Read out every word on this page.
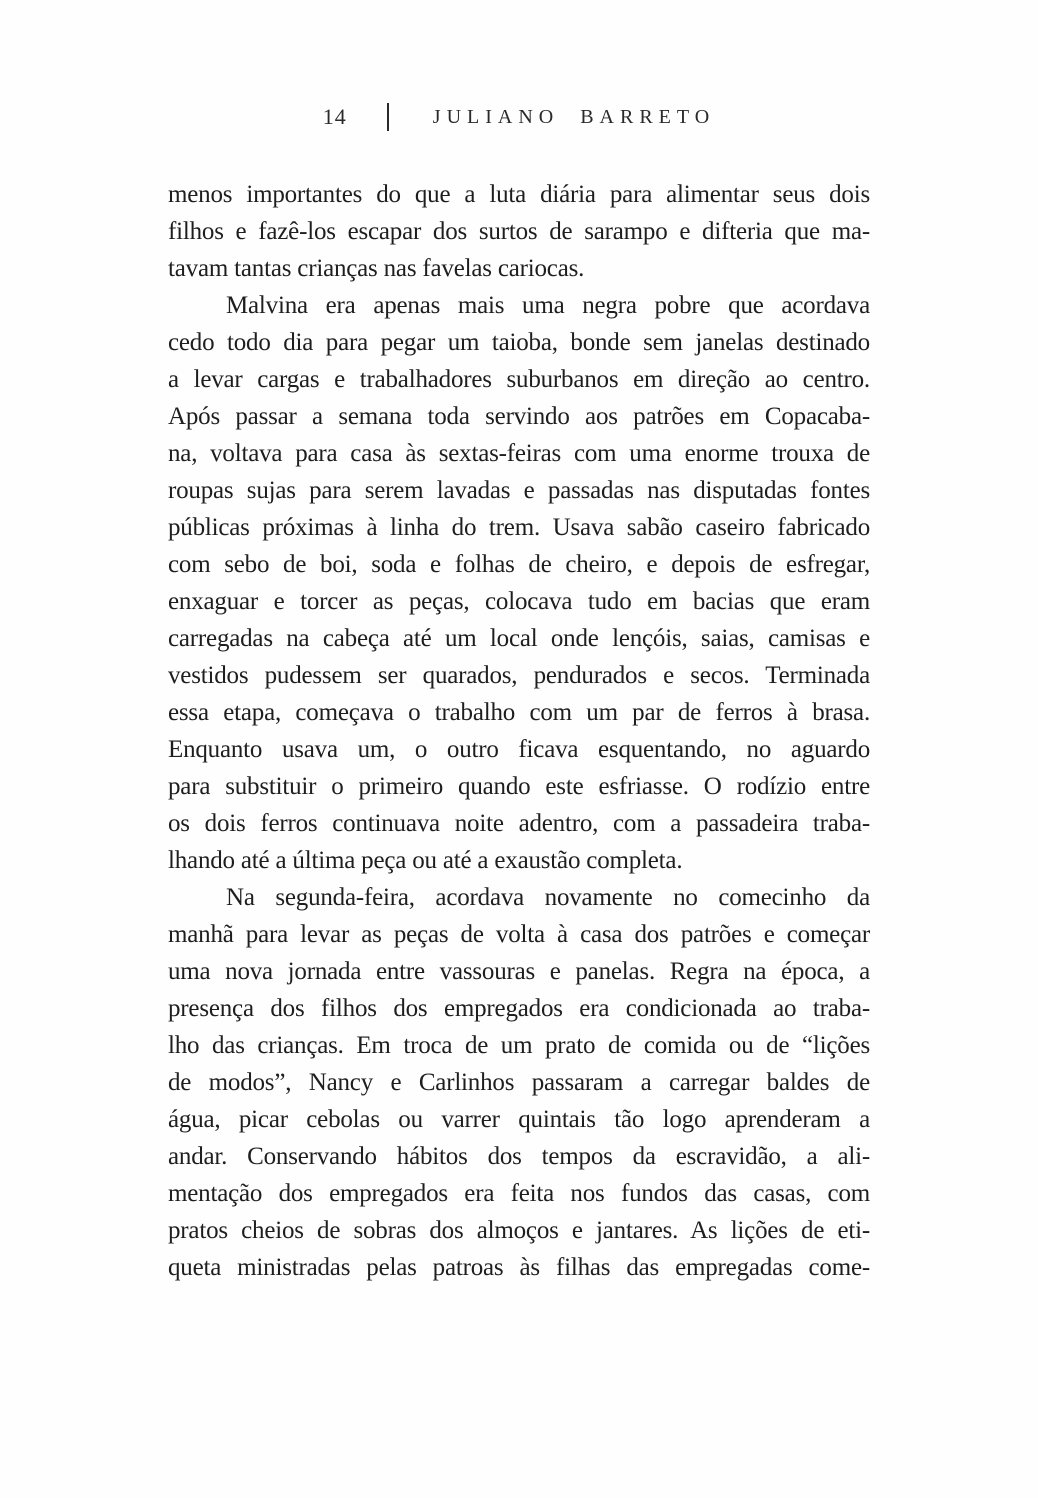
14	JULIANO BARRETO
menos importantes do que a luta diária para alimentar seus dois
filhos e fazê-los escapar dos surtos de sarampo e difteria que ma-
tavam tantas crianças nas favelas cariocas.
Malvina era apenas mais uma negra pobre que acordava
cedo todo dia para pegar um taioba, bonde sem janelas destinado
a levar cargas e trabalhadores suburbanos em direção ao centro.
Após passar a semana toda servindo aos patrões em Copacaba-
na, voltava para casa às sextas-feiras com uma enorme trouxa de
roupas sujas para serem lavadas e passadas nas disputadas fontes
públicas próximas à linha do trem. Usava sabão caseiro fabricado
com sebo de boi, soda e folhas de cheiro, e depois de esfregar,
enxaguar e torcer as peças, colocava tudo em bacias que eram
carregadas na cabeça até um local onde lençóis, saias, camisas e
vestidos pudessem ser quarados, pendurados e secos. Terminada
essa etapa, começava o trabalho com um par de ferros à brasa.
Enquanto usava um, o outro ficava esquentando, no aguardo
para substituir o primeiro quando este esfriasse. O rodízio entre
os dois ferros continuava noite adentro, com a passadeira traba-
lhando até a última peça ou até a exaustão completa.
Na segunda-feira, acordava novamente no comecinho da
manhã para levar as peças de volta à casa dos patrões e começar
uma nova jornada entre vassouras e panelas. Regra na época, a
presença dos filhos dos empregados era condicionada ao traba-
lho das crianças. Em troca de um prato de comida ou de “lições
de modos”, Nancy e Carlinhos passaram a carregar baldes de
água, picar cebolas ou varrer quintais tão logo aprenderam a
andar. Conservando hábitos dos tempos da escravidão, a ali-
mentação dos empregados era feita nos fundos das casas, com
pratos cheios de sobras dos almoços e jantares. As lições de eti-
queta ministradas pelas patroas às filhas das empregadas come-
